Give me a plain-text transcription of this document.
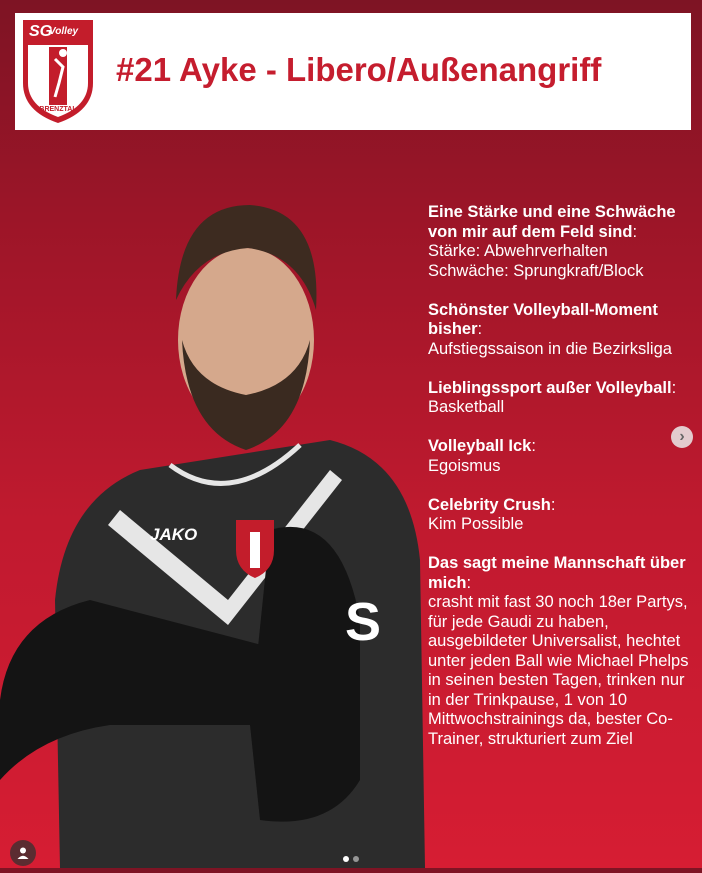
SG
Volley
ALB
BRENZTAL
#21 Ayke - Libero/Außenangriff
JAKO
S
Eine Stärke und eine Schwäche von mir auf dem Feld sind:
Stärke: Abwehrverhalten
Schwäche: Sprungkraft/Block
Schönster Volleyball-Moment bisher:
Aufstiegssaison in die Bezirksliga
Lieblingssport außer Volleyball:
Basketball
Volleyball Ick:
Egoismus
Celebrity Crush:
Kim Possible
Das sagt meine Mannschaft über mich:
crasht mit fast 30 noch 18er Partys, für jede Gaudi zu haben, ausgebildeter Universalist, hechtet unter jeden Ball wie Michael Phelps in seinen besten Tagen, trinken nur in der Trinkpause, 1 von 10 Mittwochstrainings da, bester Co-Trainer, strukturiert zum Ziel
›
